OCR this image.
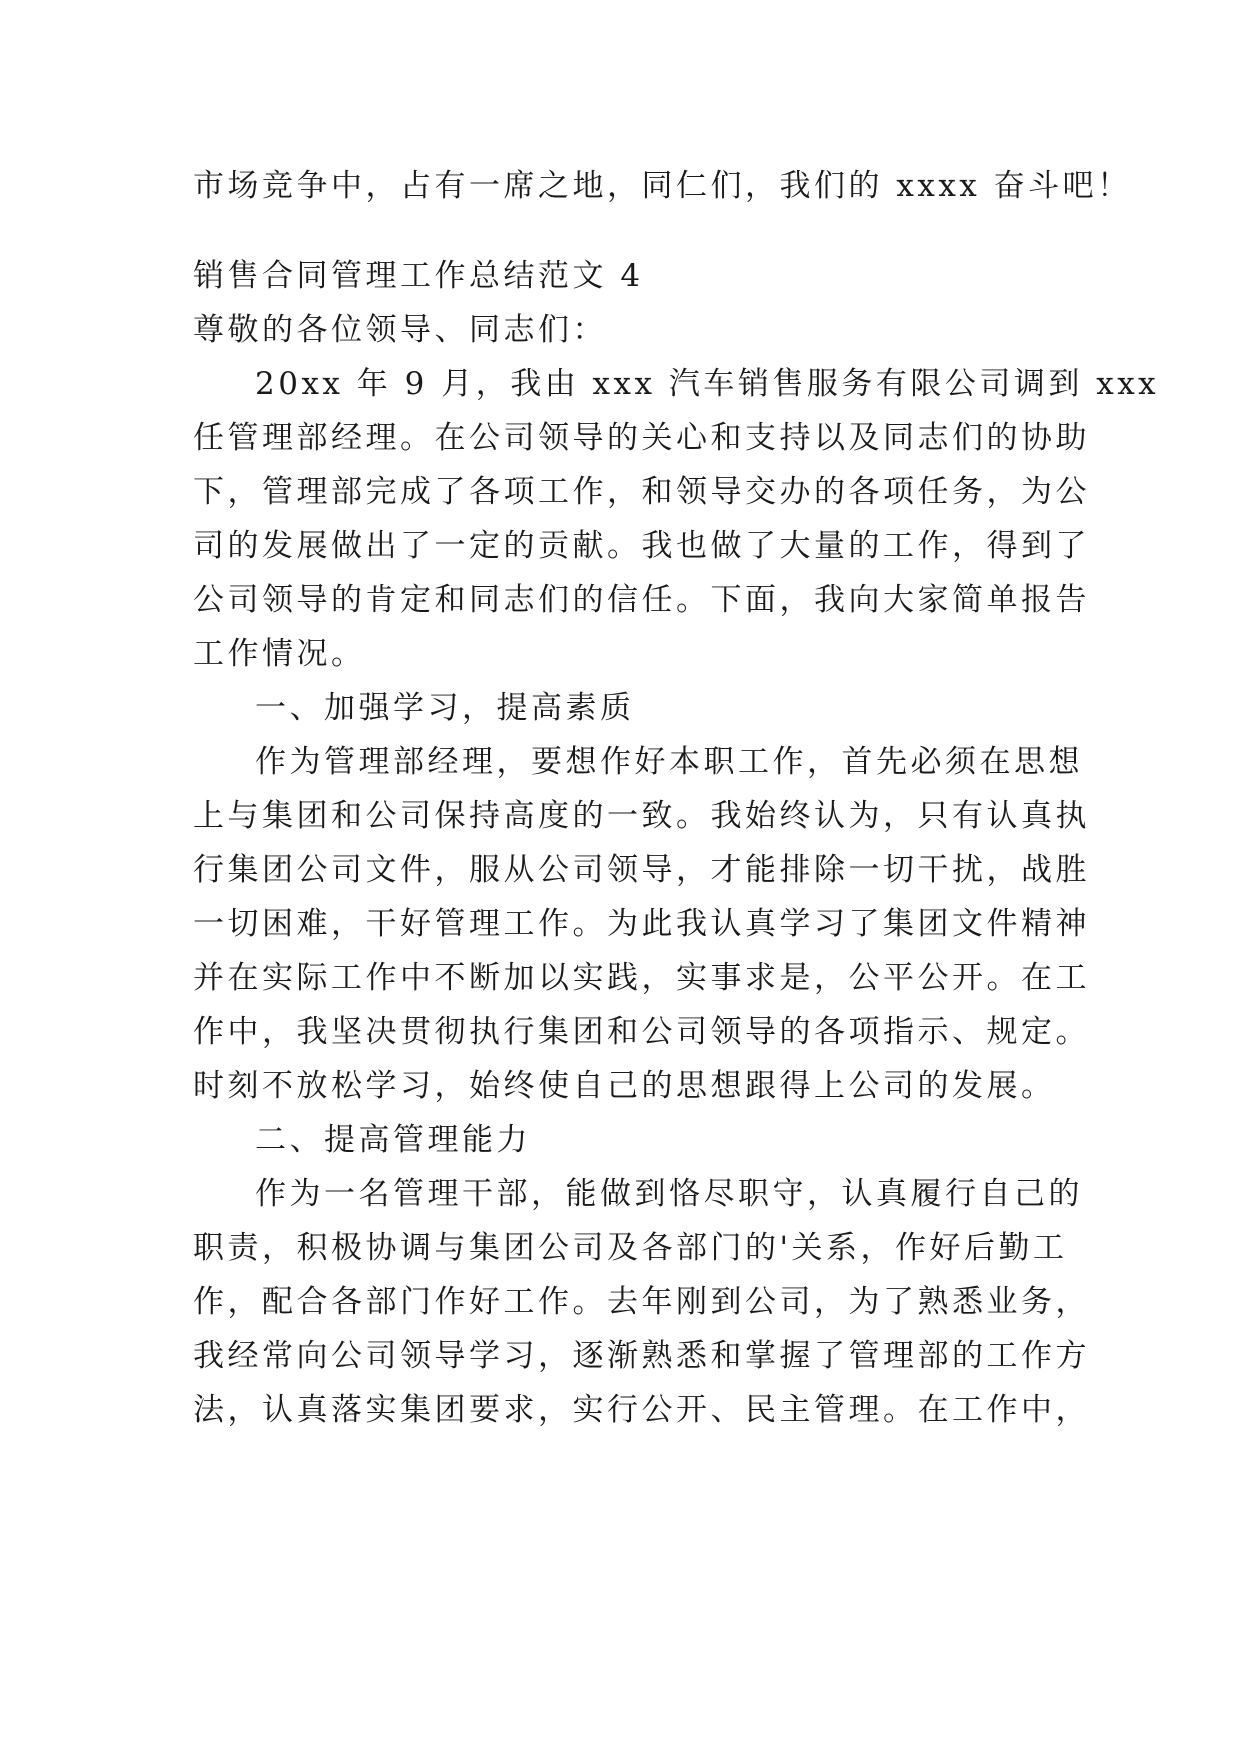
市场竞争中，占有一席之地，同仁们，我们的 xxxx 奋斗吧！
销售合同管理工作总结范文 4
尊敬的各位领导、同志们：
20xx 年 9 月，我由 xxx 汽车销售服务有限公司调到 xxx
任管理部经理。在公司领导的关心和支持以及同志们的协助
下，管理部完成了各项工作，和领导交办的各项任务，为公
司的发展做出了一定的贡献。我也做了大量的工作，得到了
公司领导的肯定和同志们的信任。下面，我向大家简单报告
工作情况。
一、加强学习，提高素质
作为管理部经理，要想作好本职工作，首先必须在思想
上与集团和公司保持高度的一致。我始终认为，只有认真执
行集团公司文件，服从公司领导，才能排除一切干扰，战胜
一切困难，干好管理工作。为此我认真学习了集团文件精神
并在实际工作中不断加以实践，实事求是，公平公开。在工
作中，我坚决贯彻执行集团和公司领导的各项指示、规定。
时刻不放松学习，始终使自己的思想跟得上公司的发展。
二、提高管理能力
作为一名管理干部，能做到恪尽职守，认真履行自己的
职责，积极协调与集团公司及各部门的'关系，作好后勤工
作，配合各部门作好工作。去年刚到公司，为了熟悉业务，
我经常向公司领导学习，逐渐熟悉和掌握了管理部的工作方
法，认真落实集团要求，实行公开、民主管理。在工作中，
